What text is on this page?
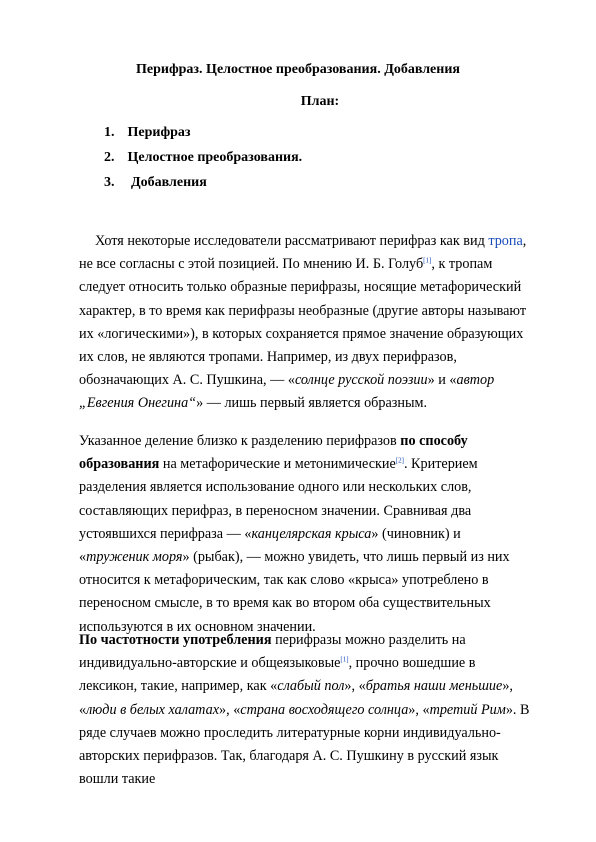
Перифраз. Целостное преобразования. Добавления
План:
1. Перифраз
2. Целостное преобразования.
3. Добавления

Хотя некоторые исследователи рассматривают перифраз как вид тропа, не все согласны с этой позицией. По мнению И. Б. Голуб[1], к тропам следует относить только образные перифразы, носящие метафорический характер, в то время как перифразы необразные (другие авторы называют их «логическими»), в которых сохраняется прямое значение образующих их слов, не являются тропами. Например, из двух перифразов, обозначающих А. С. Пушкина, — «солнце русской поэзии» и «автор „Евгения Онегина“» — лишь первый является образным.

Указанное деление близко к разделению перифразов по способу образования на метафорические и метонимические[2]. Критерием разделения является использование одного или нескольких слов, составляющих перифраз, в переносном значении. Сравнивая два устоявшихся перифраза — «канцелярская крыса» (чиновник) и «труженик моря» (рыбак), — можно увидеть, что лишь первый из них относится к метафорическим, так как слово «крыса» употреблено в переносном смысле, в то время как во втором оба существительных используются в их основном значении.

По частотности употребления перифразы можно разделить на индивидуально-авторские и общеязыковые[1], прочно вошедшие в лексикон, такие, например, как «слабый пол», «братья наши меньшие», «люди в белых халатах», «страна восходящего солнца», «третий Рим». В ряде случаев можно проследить литературные корни индивидуально-авторских перифразов. Так, благодаря А. С. Пушкину в русский язык вошли такие
